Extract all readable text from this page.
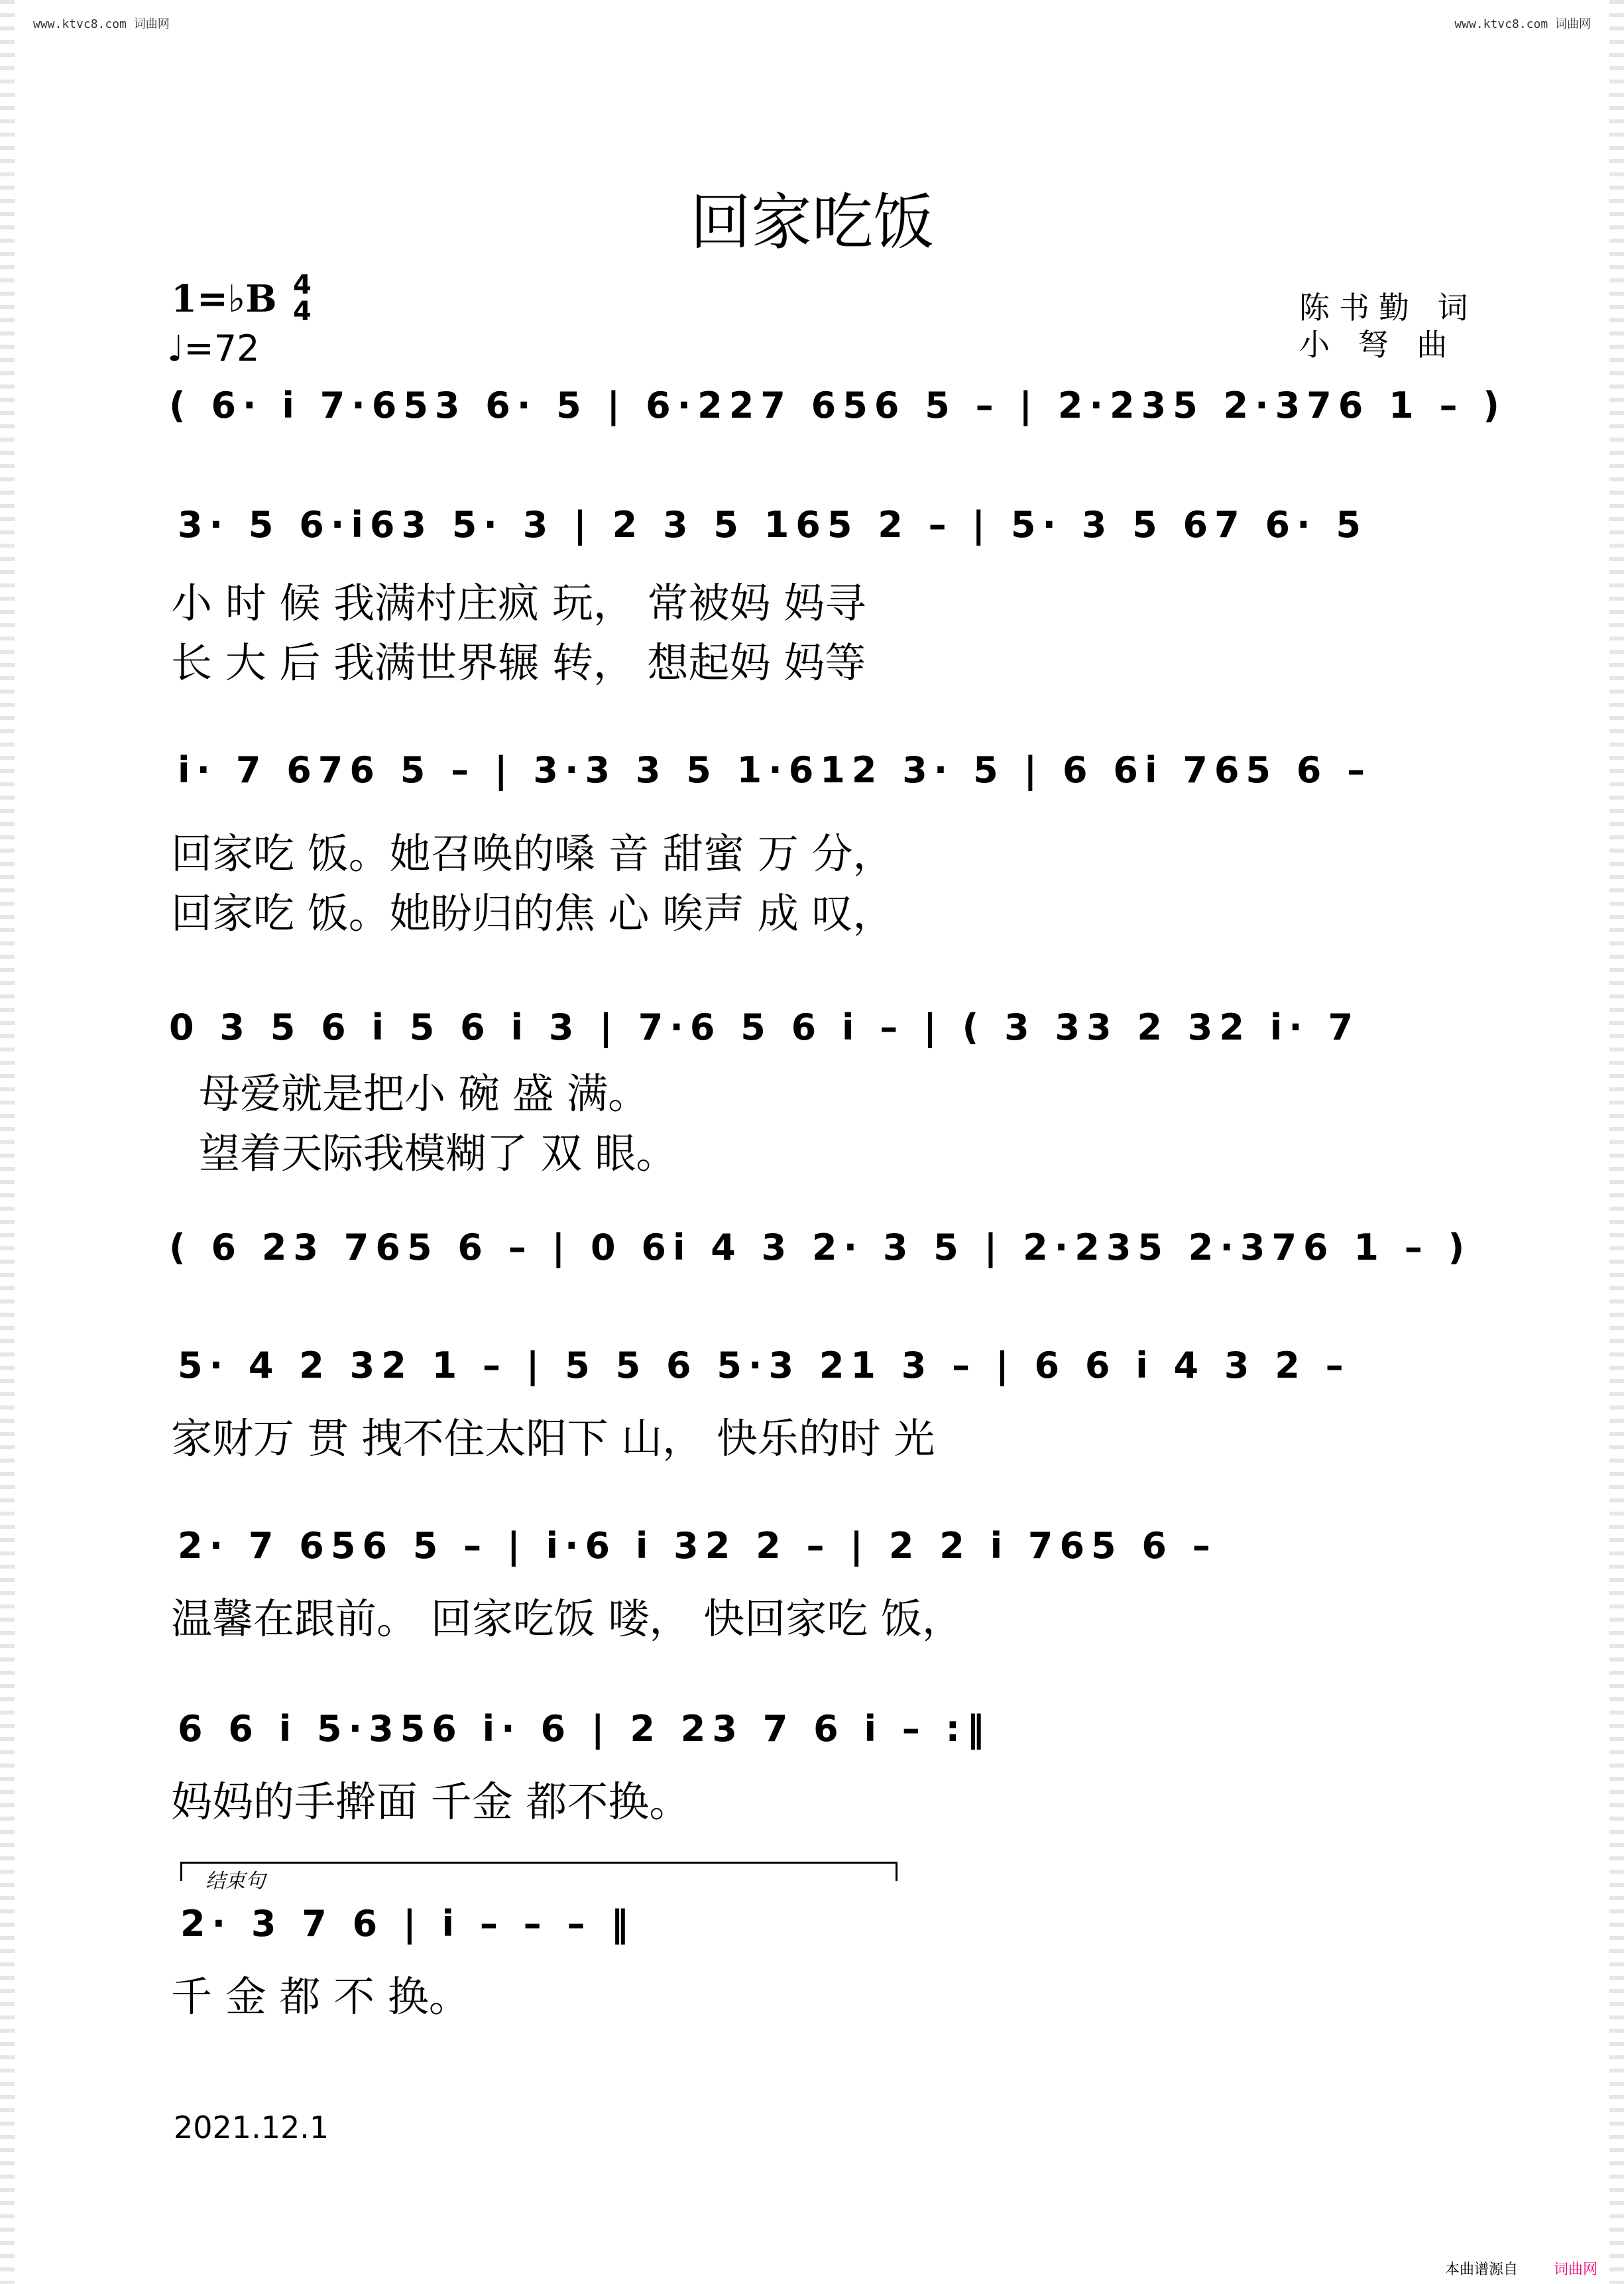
www.ktvc8.com 词曲网	www.ktvc8.com 词曲网
回家吃饭
1=♭B 4
4
♩=72
陈书勤 词
小 弩 曲
( 6· i 7·653 6· 5 | 6·227 656 5 – | 2·235 2·376 1 – )
3· 5 6·i63 5· 3 | 2 3 5 165 2 – | 5· 3 5 67 6· 5
小 时 候 我满村庄疯 玩， 常被妈 妈寻
长 大 后 我满世界辗 转， 想起妈 妈等
i· 7 676 5 – | 3·3 3 5 1·612 3· 5 | 6 6i 765 6 –
回家吃 饭。她召唤的嗓 音 甜蜜 万 分，
回家吃 饭。她盼归的焦 心 唉声 成 叹，
0 3 5 6 i 5 6 i 3 | 7·6 5 6 i – | ( 3 33 2 32 i· 7
母爱就是把小 碗 盛 满。
望着天际我模糊了 双 眼。
( 6 23 765 6 – | 0 6i 4 3 2· 3 5 | 2·235 2·376 1 – )
5· 4 2 32 1 – | 5 5 6 5·3 21 3 – | 6 6 i 4 3 2 –
家财万 贯 拽不住太阳下 山， 快乐的时 光
2· 7 656 5 – | i·6 i 32 2 – | 2 2 i 765 6 –
温馨在跟前。 回家吃饭 喽， 快回家吃 饭，
6 6 i 5·356 i· 6 | 2 23 7 6 i – :‖
妈妈的手擀面 千金 都不换。
结束句
2· 3 7 6 | i – – – ‖
千 金 都 不 换。
2021.12.1
本曲谱源自 词曲网
